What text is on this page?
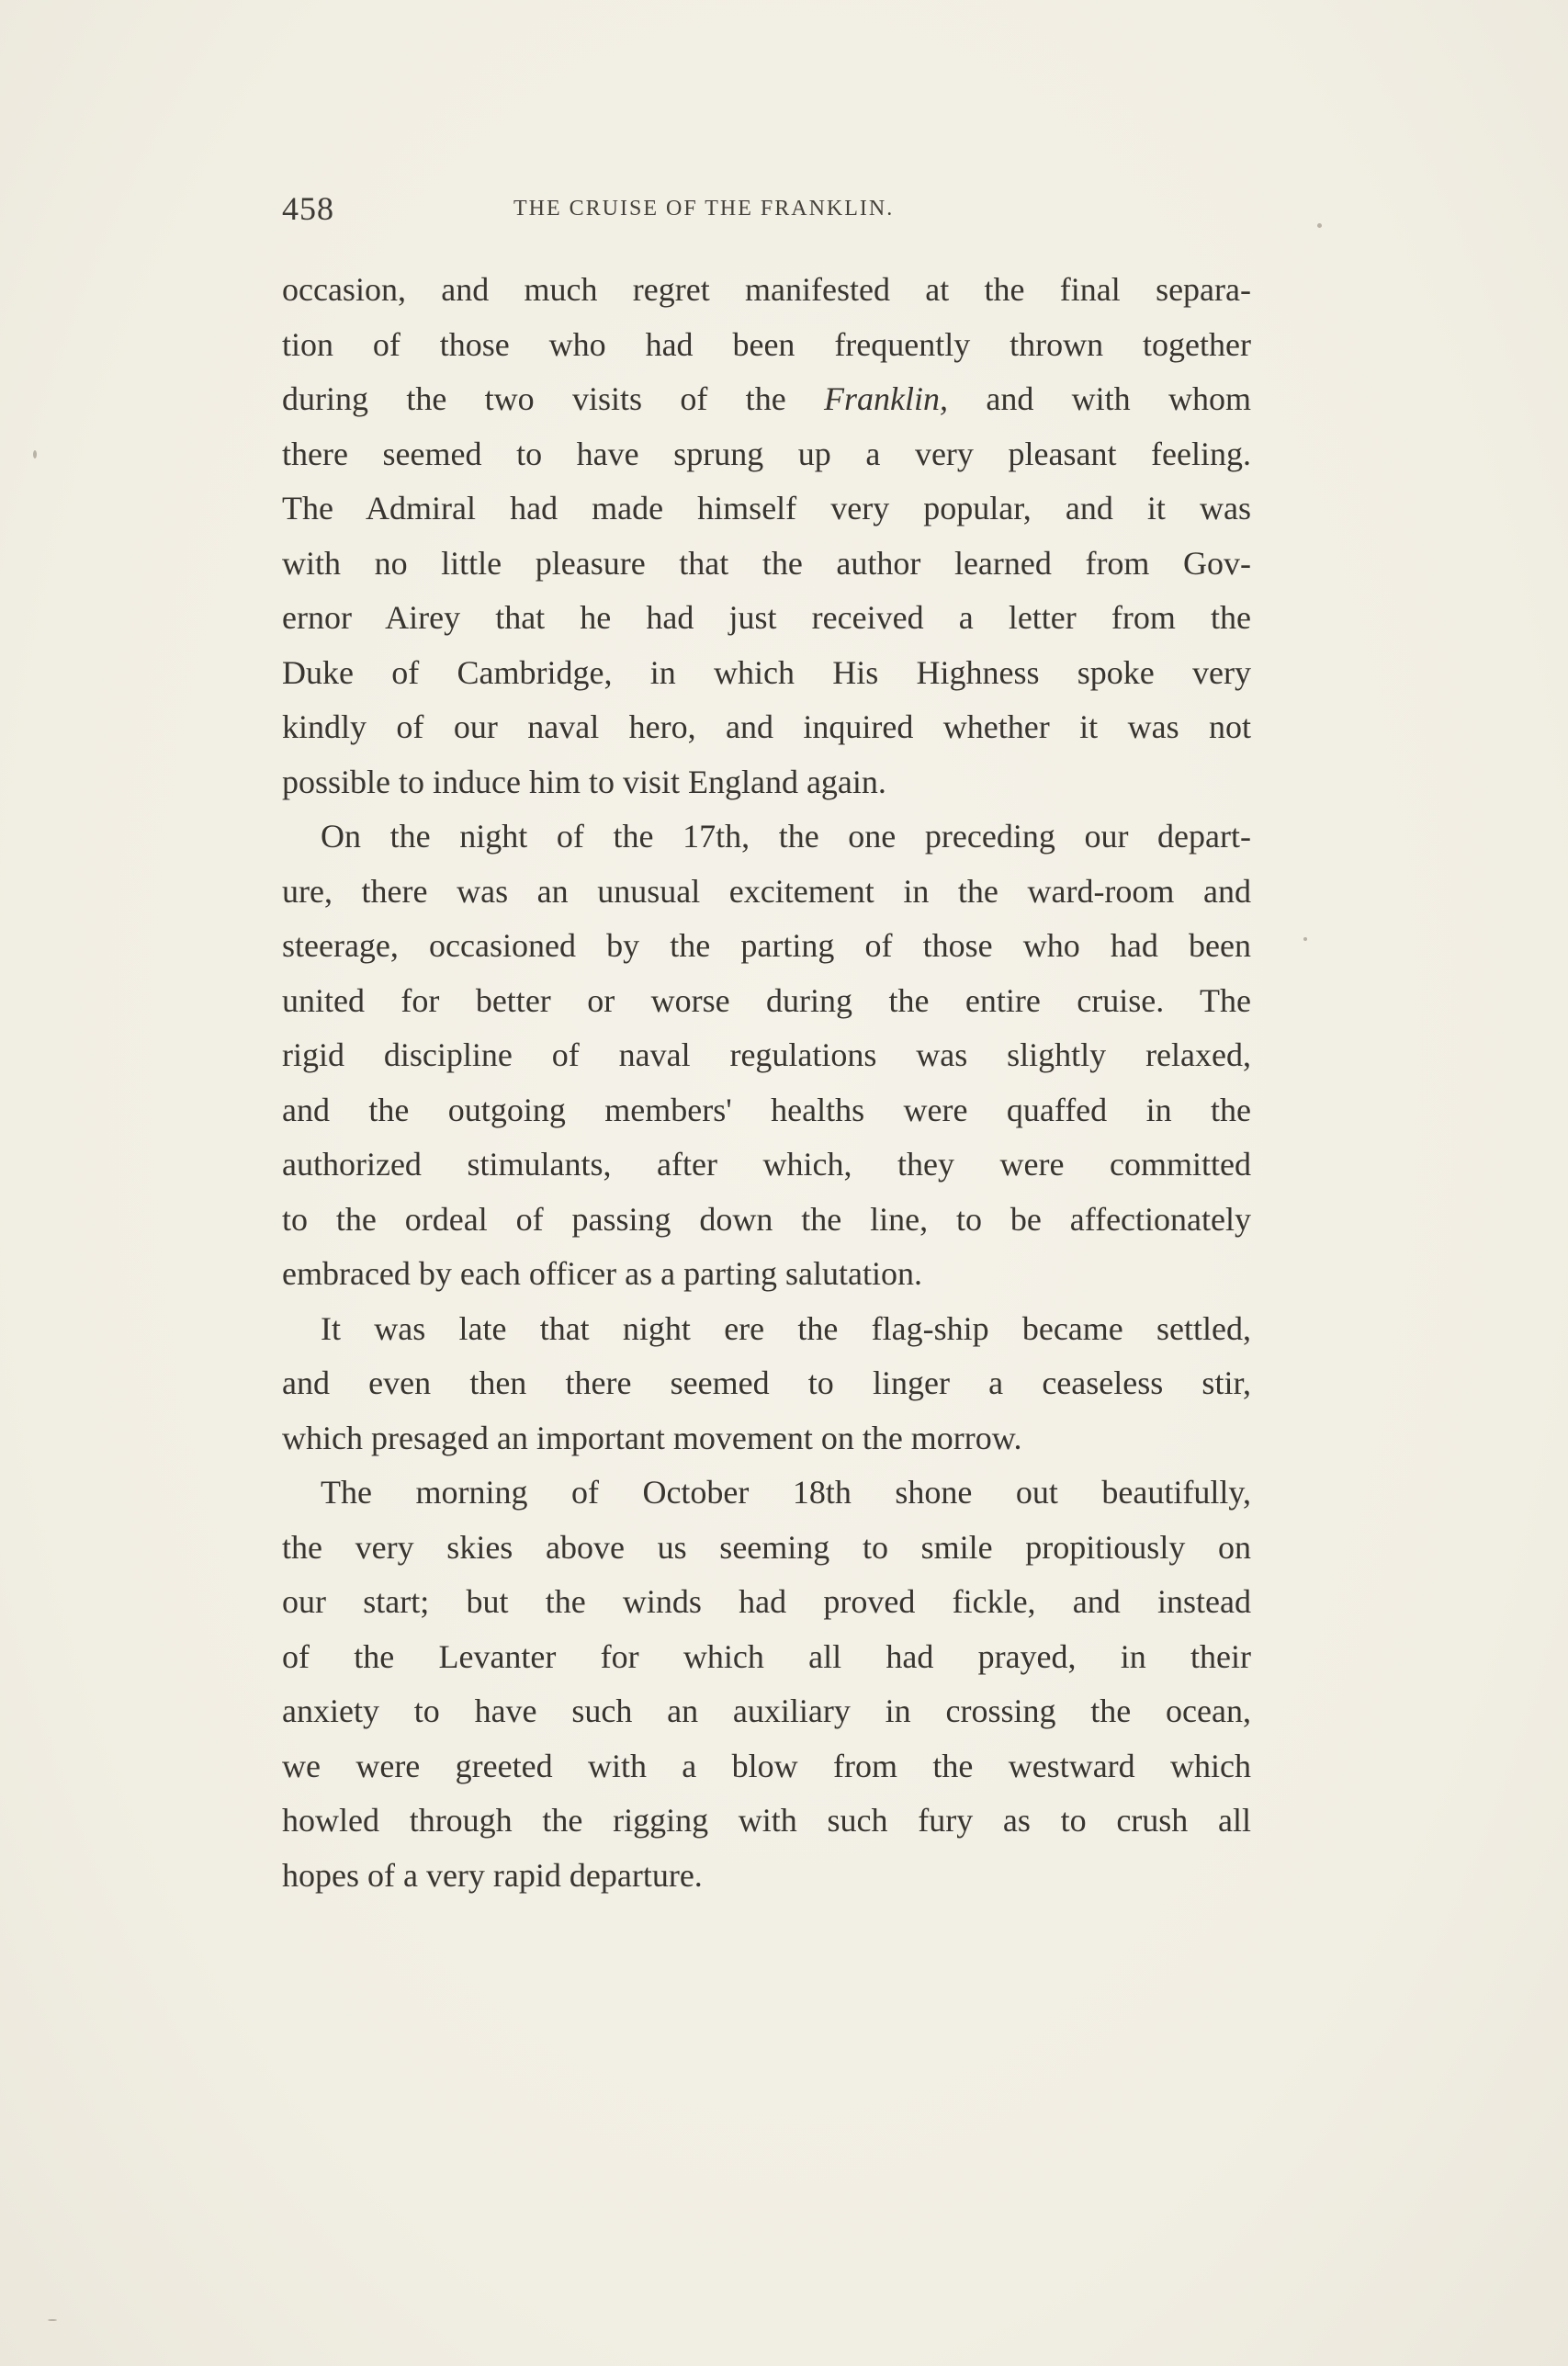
458	THE CRUISE OF THE FRANKLIN.
occasion, and much regret manifested at the final separa-
tion of those who had been frequently thrown together
during the two visits of the Franklin, and with whom
there seemed to have sprung up a very pleasant feeling.
The Admiral had made himself very popular, and it was
with no little pleasure that the author learned from Gov-
ernor Airey that he had just received a letter from the
Duke of Cambridge, in which His Highness spoke very
kindly of our naval hero, and inquired whether it was not
possible to induce him to visit England again.
On the night of the 17th, the one preceding our depart-
ure, there was an unusual excitement in the ward-room and
steerage, occasioned by the parting of those who had been
united for better or worse during the entire cruise. The
rigid discipline of naval regulations was slightly relaxed,
and the outgoing members' healths were quaffed in the
authorized stimulants, after which, they were committed
to the ordeal of passing down the line, to be affectionately
embraced by each officer as a parting salutation.
It was late that night ere the flag-ship became settled,
and even then there seemed to linger a ceaseless stir,
which presaged an important movement on the morrow.
The morning of October 18th shone out beautifully,
the very skies above us seeming to smile propitiously on
our start; but the winds had proved fickle, and instead
of the Levanter for which all had prayed, in their
anxiety to have such an auxiliary in crossing the ocean,
we were greeted with a blow from the westward which
howled through the rigging with such fury as to crush all
hopes of a very rapid departure.
